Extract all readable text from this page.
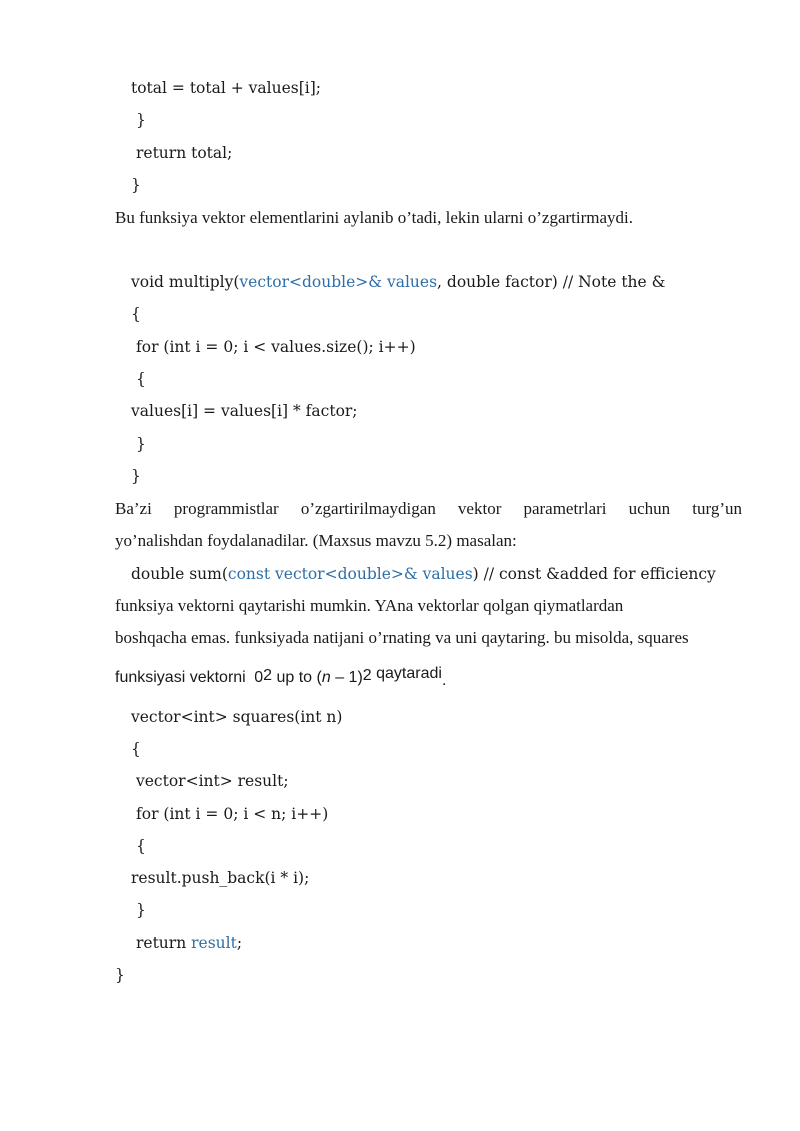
total = total + values[i];
}
return total;
}
Bu funksiya vektor elementlarini aylanib o’tadi, lekin ularni o’zgartirmaydi.
void multiply(vector<double>& values, double factor) // Note the &
{
for (int i = 0; i < values.size(); i++)
{
values[i] = values[i] * factor;
}
}
Ba’zi programmistlar o’zgartirilmaydigan vektor parametrlari uchun turg’un
yo’nalishdan foydalanadilar. (Maxsus mavzu 5.2) masalan:
double sum(const vector<double>& values) // const &added for efficiency
funksiya vektorni qaytarishi mumkin. YAna vektorlar qolgan qiymatlardan
boshqacha emas. funksiyada natijani o’rnating va uni qaytaring. bu misolda, squares
funksiyasi vektorni $0^2$ up to (n – 1)$^2$ qaytaradi.
vector<int> squares(int n)
{
vector<int> result;
for (int i = 0; i < n; i++)
{
result.push_back(i * i);
}
return result;
}
